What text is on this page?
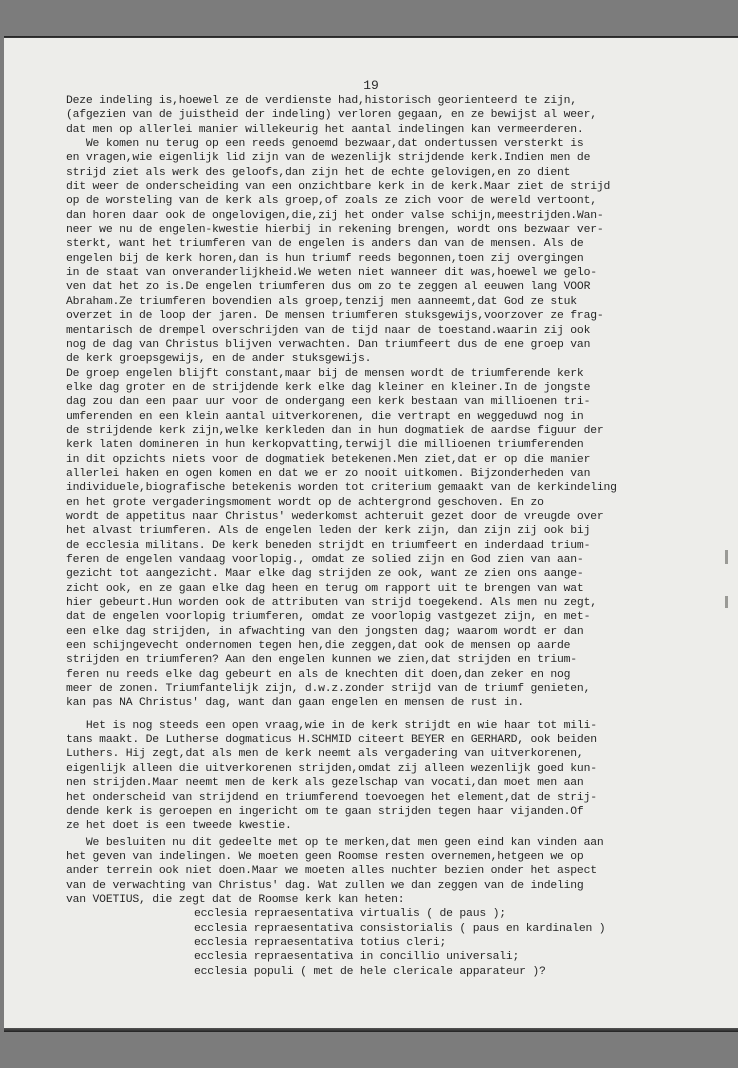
19
Deze indeling is,hoewel ze de verdienste had,historisch georienteerd te zijn,
(afgezien van de juistheid der indeling) verloren gegaan, en ze bewijst al weer,
dat men op allerlei manier willekeurig het aantal indelingen kan vermeerderen.
We komen nu terug op een reeds genoemd bezwaar,dat ondertussen versterkt is
en vragen,wie eigenlijk lid zijn van de wezenlijk strijdende kerk.Indien men de
strijd ziet als werk des geloofs,dan zijn het de echte gelovigen,en zo dient
dit weer de onderscheiding van een onzichtbare kerk in de kerk.Maar ziet de strijd
op de worsteling van de kerk als groep,of zoals ze zich voor de wereld vertoont,
dan horen daar ook de ongelovigen,die,zij het onder valse schijn,meestrijden.Wan-
neer we nu de engelen-kwestie hierbij in rekening brengen, wordt ons bezwaar ver-
sterkt, want het triumferen van de engelen is anders dan van de mensen. Als de
engelen bij de kerk horen,dan is hun triumf reeds begonnen,toen zij overgingen
in de staat van onveranderlijkheid.We weten niet wanneer dit was,hoewel we gelo-
ven dat het zo is.De engelen triumferen dus om zo te zeggen al eeuwen lang VOOR
Abraham.Ze triumferen bovendien als groep,tenzij men aanneemt,dat God ze stuk
overzet in de loop der jaren. De mensen triumferen stuksgewijs,voorzover ze frag-
mentarisch de drempel overschrijden van de tijd naar de toestand.waarin zij ook
nog de dag van Christus blijven verwachten. Dan triumfeert dus de ene groep van
de kerk groepsgewijs, en de ander stuksgewijs.
De groep engelen blijft constant,maar bij de mensen wordt de triumferende kerk
elke dag groter en de strijdende kerk elke dag kleiner en kleiner.In de jongste
dag zou dan een paar uur voor de ondergang een kerk bestaan van millioenen tri-
umferenden en een klein aantal uitverkorenen, die vertrapt en weggeduwd nog in
de strijdende kerk zijn,welke kerkleden dan in hun dogmatiek de aardse figuur der
kerk laten domineren in hun kerkopvatting,terwijl die millioenen triumferenden
in dit opzichts niets voor de dogmatiek betekenen.Men ziet,dat er op die manier
allerlei haken en ogen komen en dat we er zo nooit uitkomen. Bijzonderheden van
individuele,biografische betekenis worden tot criterium gemaakt van de kerkindeling
en het grote vergaderingsmoment wordt op de achtergrond geschoven. En zo
wordt de appetitus naar Christus' wederkomst achteruit gezet door de vreugde over
het alvast triumferen. Als de engelen leden der kerk zijn, dan zijn zij ook bij
de ecclesia militans. De kerk beneden strijdt en triumfeert en inderdaad trium-
feren de engelen vandaag voorlopig., omdat ze solied zijn en God zien van aan-
gezicht tot aangezicht. Maar elke dag strijden ze ook, want ze zien ons aange-
zicht ook, en ze gaan elke dag heen en terug om rapport uit te brengen van wat
hier gebeurt.Hun worden ook de attributen van strijd toegekend. Als men nu zegt,
dat de engelen voorlopig triumferen, omdat ze voorlopig vastgezet zijn, en met-
een elke dag strijden, in afwachting van den jongsten dag; waarom wordt er dan
een schijngevecht ondernomen tegen hen,die zeggen,dat ook de mensen op aarde
strijden en triumferen? Aan den engelen kunnen we zien,dat strijden en trium-
feren nu reeds elke dag gebeurt en als de knechten dit doen,dan zeker en nog
meer de zonen. Triumfantelijk zijn, d.w.z.zonder strijd van de triumf genieten,
kan pas NA Christus' dag, want dan gaan engelen en mensen de rust in.
Het is nog steeds een open vraag,wie in de kerk strijdt en wie haar tot mili-
tans maakt. De Lutherse dogmaticus H.SCHMID citeert BEYER en GERHARD, ook beiden
Luthers. Hij zegt,dat als men de kerk neemt als vergadering van uitverkorenen,
eigenlijk alleen die uitverkorenen strijden,omdat zij alleen wezenlijk goed kun-
nen strijden.Maar neemt men de kerk als gezelschap van vocati,dan moet men aan
het onderscheid van strijdend en triumferend toevoegen het element,dat de strij-
dende kerk is geroepen en ingericht om te gaan strijden tegen haar vijanden.Of
ze het doet is een tweede kwestie.
We besluiten nu dit gedeelte met op te merken,dat men geen eind kan vinden aan
het geven van indelingen. We moeten geen Roomse resten overnemen,hetgeen we op
ander terrein ook niet doen.Maar we moeten alles nuchter bezien onder het aspect
van de verwachting van Christus' dag. Wat zullen we dan zeggen van de indeling
van VOETIUS, die zegt dat de Roomse kerk kan heten:
ecclesia repraesentativa virtualis ( de paus );
ecclesia repraesentativa consistorialis ( paus en kardinalen )
ecclesia repraesentativa totius cleri;
ecclesia repraesentativa in concillio universali;
ecclesia populi ( met de hele clericale apparateur )?
